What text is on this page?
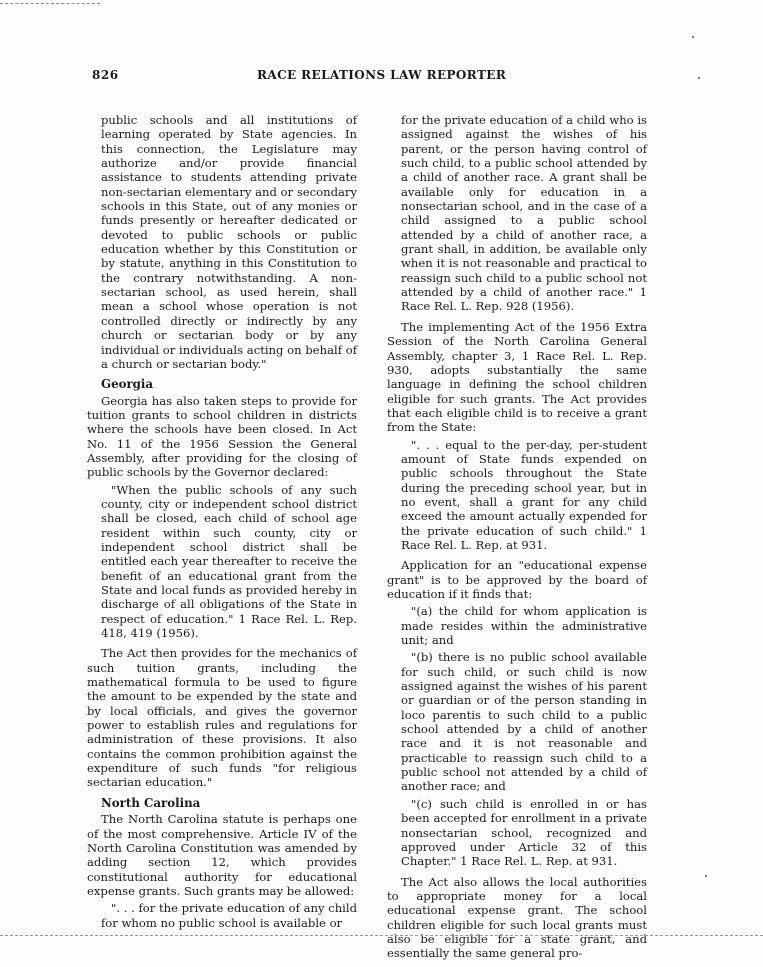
826	RACE RELATIONS LAW REPORTER

public schools and all institutions of learning operated by State agencies. In this connection, the Legislature may authorize and/or provide financial assistance to students attending private non-sectarian elementary and or secondary schools in this State, out of any monies or funds presently or hereafter dedicated or devoted to public schools or public education whether by this Constitution or by statute, anything in this Constitution to the contrary notwithstanding. A non-sectarian school, as used herein, shall mean a school whose operation is not controlled directly or indirectly by any church or sectarian body or by any individual or individuals acting on behalf of a church or sectarian body."

Georgia

Georgia has also taken steps to provide for tuition grants to school children in districts where the schools have been closed. In Act No. 11 of the 1956 Session the General Assembly, after providing for the closing of public schools by the Governor declared:

"When the public schools of any such county, city or independent school district shall be closed, each child of school age resident within such county, city or independent school district shall be entitled each year thereafter to receive the benefit of an educational grant from the State and local funds as provided hereby in discharge of all obligations of the State in respect of education." 1 Race Rel. L. Rep. 418, 419 (1956).

The Act then provides for the mechanics of such tuition grants, including the mathematical formula to be used to figure the amount to be expended by the state and by local officials, and gives the governor power to establish rules and regulations for administration of these provisions. It also contains the common prohibition against the expenditure of such funds "for religious sectarian education."

North Carolina

The North Carolina statute is perhaps one of the most comprehensive. Article IV of the North Carolina Constitution was amended by adding section 12, which provides constitutional authority for educational expense grants. Such grants may be allowed:

". . . for the private education of any child for whom no public school is available or

for the private education of a child who is assigned against the wishes of his parent, or the person having control of such child, to a public school attended by a child of another race. A grant shall be available only for education in a nonsectarian school, and in the case of a child assigned to a public school attended by a child of another race, a grant shall, in addition, be available only when it is not reasonable and practical to reassign such child to a public school not attended by a child of another race." 1 Race Rel. L. Rep. 928 (1956).

The implementing Act of the 1956 Extra Session of the North Carolina General Assembly, chapter 3, 1 Race Rel. L. Rep. 930, adopts substantially the same language in defining the school children eligible for such grants. The Act provides that each eligible child is to receive a grant from the State:

". . . equal to the per-day, per-student amount of State funds expended on public schools throughout the State during the preceding school year, but in no event, shall a grant for any child exceed the amount actually expended for the private education of such child." 1 Race Rel. L. Rep. at 931.

Application for an "educational expense grant" is to be approved by the board of education if it finds that:

"(a) the child for whom application is made resides within the administrative unit; and

"(b) there is no public school available for such child, or such child is now assigned against the wishes of his parent or guardian or of the person standing in loco parentis to such child to a public school attended by a child of another race and it is not reasonable and practicable to reassign such child to a public school not attended by a child of another race; and

"(c) such child is enrolled in or has been accepted for enrollment in a private nonsectarian school, recognized and approved under Article 32 of this Chapter." 1 Race Rel. L. Rep. at 931.

The Act also allows the local authorities to appropriate money for a local educational expense grant. The school children eligible for such local grants must also be eligible for a state grant, and essentially the same general pro-
